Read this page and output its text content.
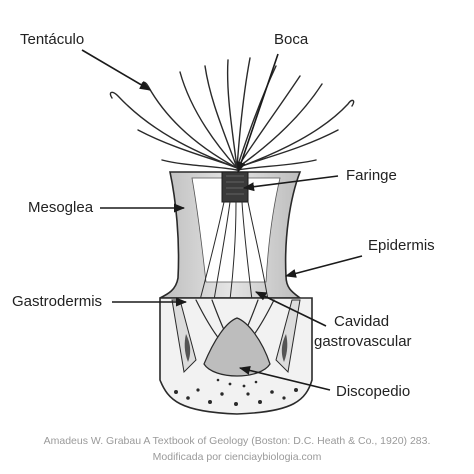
Tentáculo	Boca
Faringe
Mesoglea
Epidermis
Gastrodermis
Cavidad
gastrovascular
Discopedio
Amadeus W. Grabau A Textbook of Geology (Boston: D.C. Heath & Co., 1920) 283.
Modificada por cienciaybiologia.com
